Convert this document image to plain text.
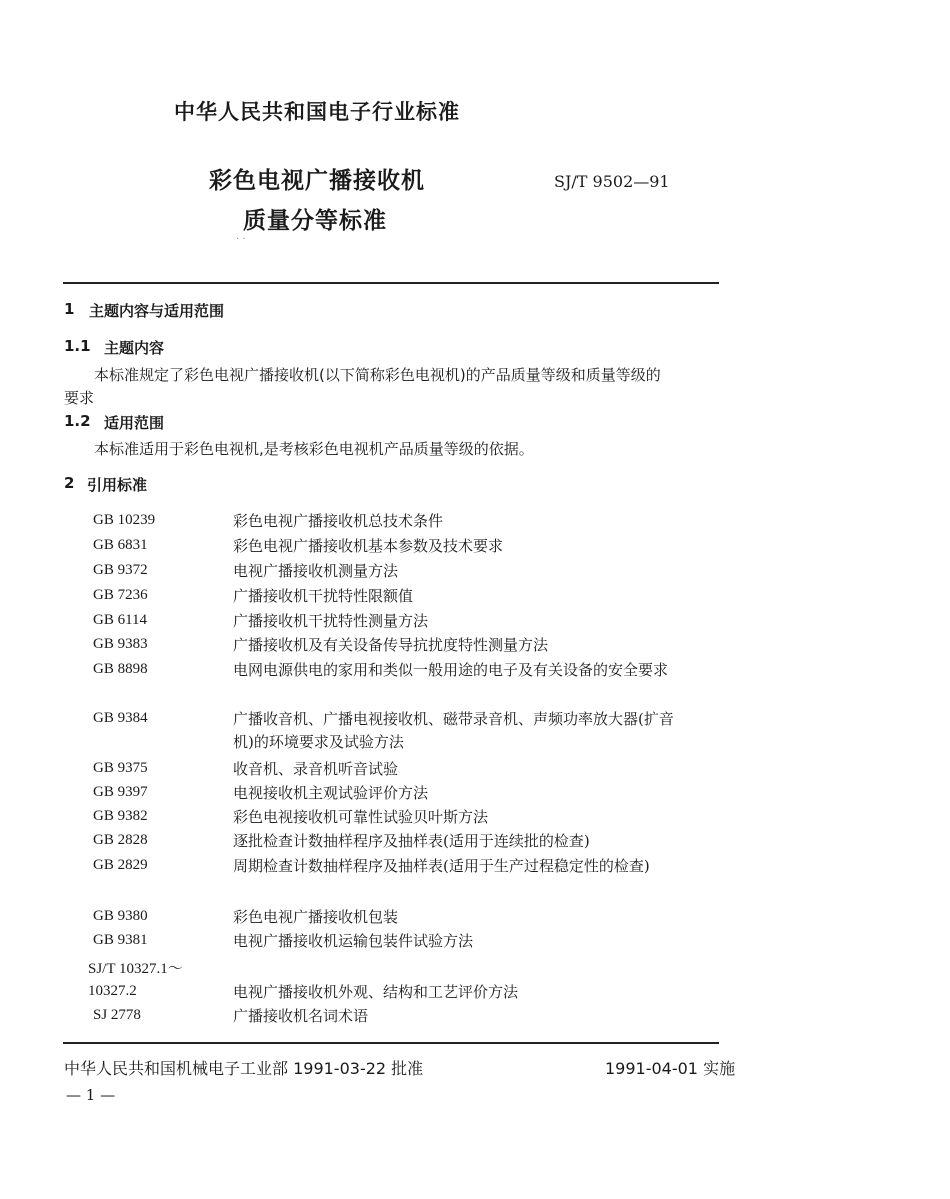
中华人民共和国电子行业标准
彩色电视广播接收机
质量分等标准
SJ/T 9502—91
· ·
1 主题内容与适用范围
1.1 主题内容
本标准规定了彩色电视广播接收机(以下简称彩色电视机)的产品质量等级和质量等级的
要求
1.2 适用范围
本标准适用于彩色电视机,是考核彩色电视机产品质量等级的依据。
2 引用标准
GB 10239	彩色电视广播接收机总技术条件
GB 6831	彩色电视广播接收机基本参数及技术要求
GB 9372	电视广播接收机测量方法
GB 7236	广播接收机干扰特性限额值
GB 6114	广播接收机干扰特性测量方法
GB 9383	广播接收机及有关设备传导抗扰度特性测量方法
GB 8898	电网电源供电的家用和类似一般用途的电子及有关设备的安全要求
GB 9384	广播收音机、广播电视接收机、磁带录音机、声频功率放大器(扩音机)的环境要求及试验方法
GB 9375	收音机、录音机听音试验
GB 9397	电视接收机主观试验评价方法
GB 9382	彩色电视接收机可靠性试验贝叶斯方法
GB 2828	逐批检查计数抽样程序及抽样表(适用于连续批的检查)
GB 2829	周期检查计数抽样程序及抽样表(适用于生产过程稳定性的检查)
GB 9380	彩色电视广播接收机包装
GB 9381	电视广播接收机运输包装件试验方法
SJ/T 10327.1～
10327.2	电视广播接收机外观、结构和工艺评价方法
SJ 2778	广播接收机名词术语
中华人民共和国机械电子工业部 1991-03-22 批准	1991-04-01 实施
— 1 —
